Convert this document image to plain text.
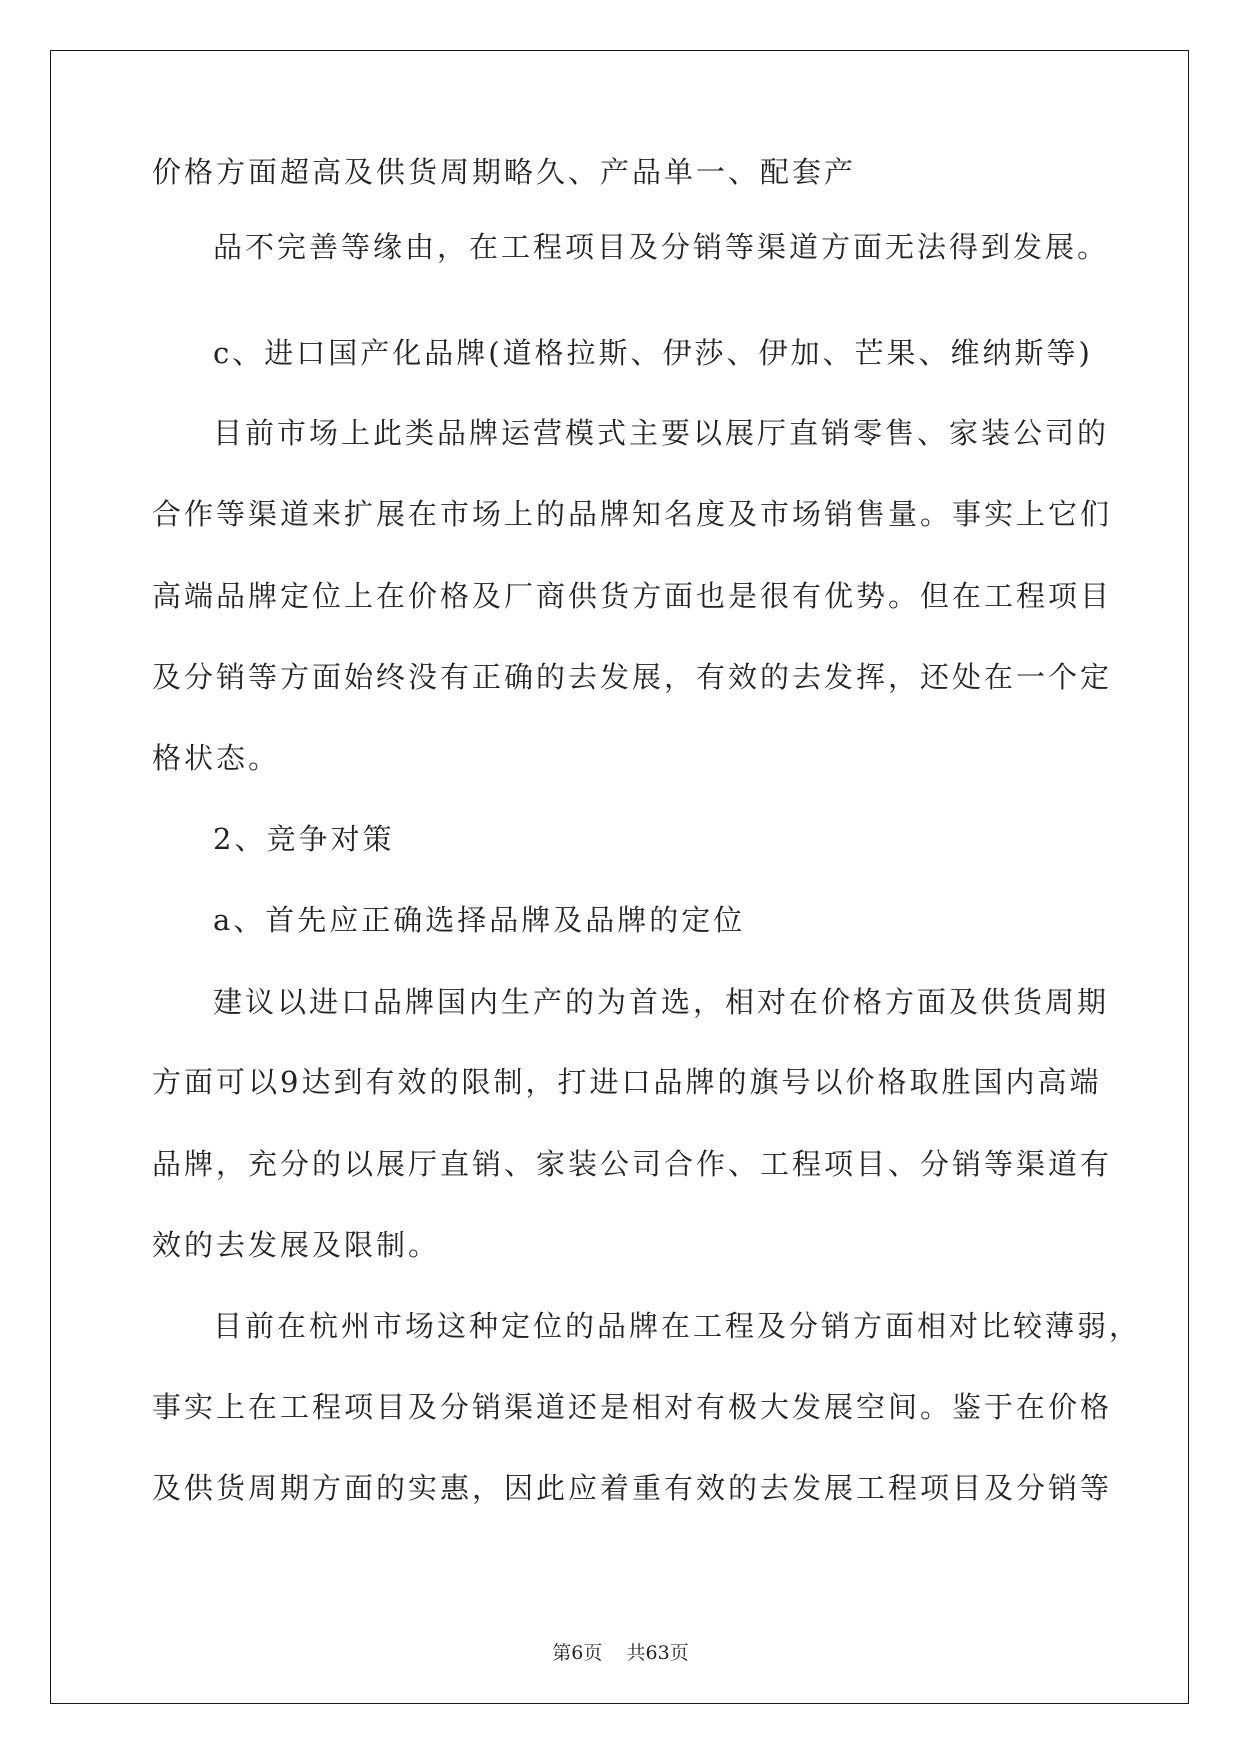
价格方面超高及供货周期略久、产品单一、配套产
品不完善等缘由，在工程项目及分销等渠道方面无法得到发展。
c、进口国产化品牌(道格拉斯、伊莎、伊加、芒果、维纳斯等)
目前市场上此类品牌运营模式主要以展厅直销零售、家装公司的
合作等渠道来扩展在市场上的品牌知名度及市场销售量。事实上它们
高端品牌定位上在价格及厂商供货方面也是很有优势。但在工程项目
及分销等方面始终没有正确的去发展，有效的去发挥，还处在一个定
格状态。
2、竞争对策
a、首先应正确选择品牌及品牌的定位
建议以进口品牌国内生产的为首选，相对在价格方面及供货周期
方面可以9达到有效的限制，打进口品牌的旗号以价格取胜国内高端
品牌，充分的以展厅直销、家装公司合作、工程项目、分销等渠道有
效的去发展及限制。
目前在杭州市场这种定位的品牌在工程及分销方面相对比较薄弱，
事实上在工程项目及分销渠道还是相对有极大发展空间。鉴于在价格
及供货周期方面的实惠，因此应着重有效的去发展工程项目及分销等
第6页 共63页
